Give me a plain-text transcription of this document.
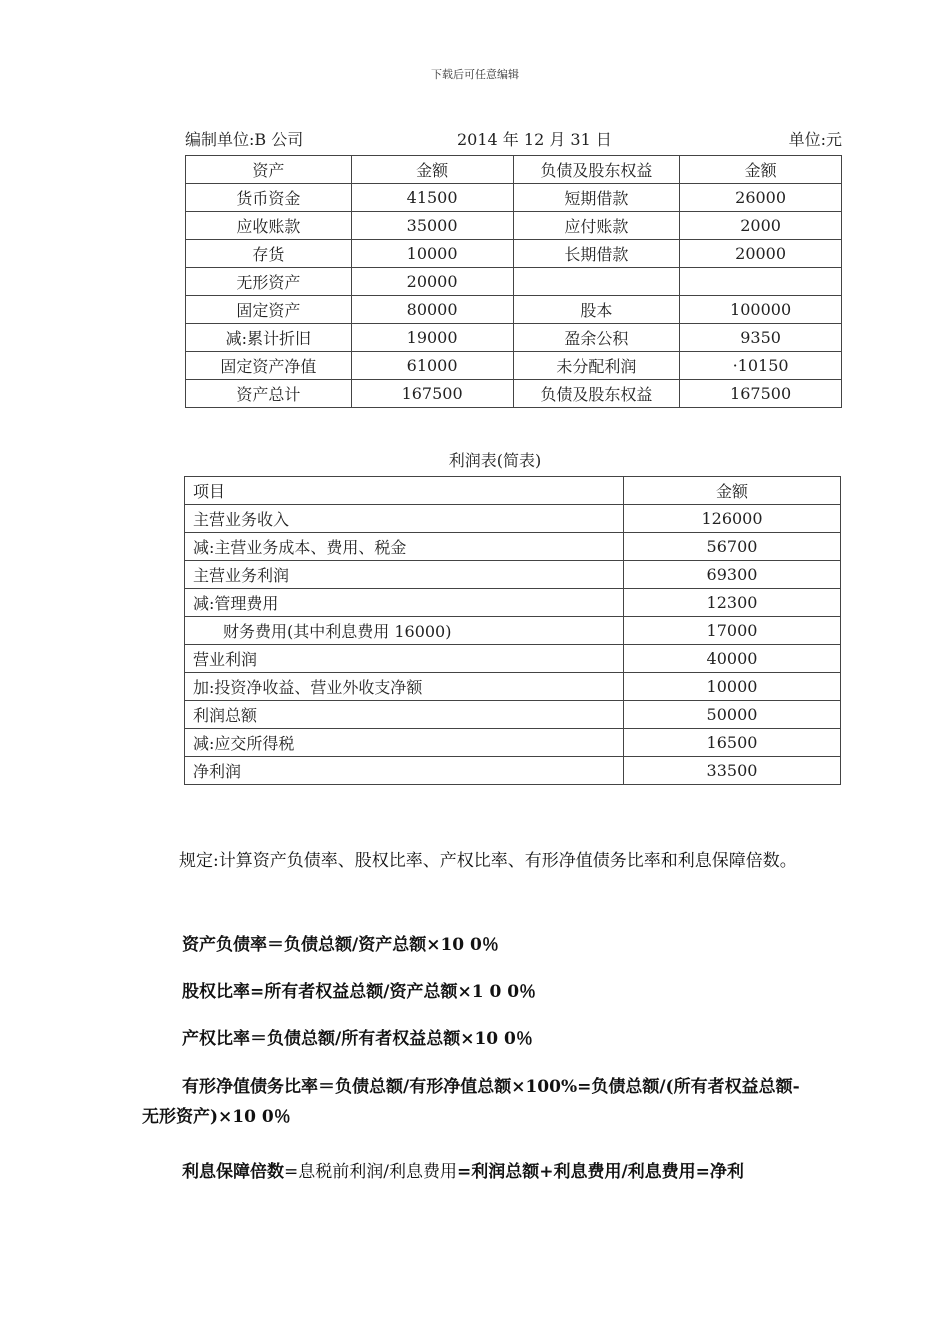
下载后可任意编辑
编制单位:B 公司	2014 年 12 月 31 日	单位:元
资产	金额	负债及股东权益	金额
货币资金	41500	短期借款	26000
应收账款	35000	应付账款	2000
存货	10000	长期借款	20000
无形资产	20000		
固定资产	80000	股本	100000
减:累计折旧	19000	盈余公积	9350
固定资产净值	61000	未分配利润	·10150
资产总计	167500	负债及股东权益	167500
利润表(简表)
项目	金额
主营业务收入	126000
减:主营业务成本、费用、税金	56700
主营业务利润	69300
减:管理费用	12300
财务费用(其中利息费用 16000)	17000
营业利润	40000
加:投资净收益、营业外收支净额	10000
利润总额	50000
减:应交所得税	16500
净利润	33500
规定:计算资产负债率、股权比率、产权比率、有形净值债务比率和利息保障倍数。
资产负债率＝负债总额/资产总额×10 0％
股权比率=所有者权益总额/资产总额×1 0 0％
产权比率＝负债总额/所有者权益总额×10 0％
有形净值债务比率＝负债总额/有形净值总额×100%=负债总额/(所有者权益总额-无形资产)×10 0％
利息保障倍数=息税前利润/利息费用=利润总额+利息费用/利息费用=净利
